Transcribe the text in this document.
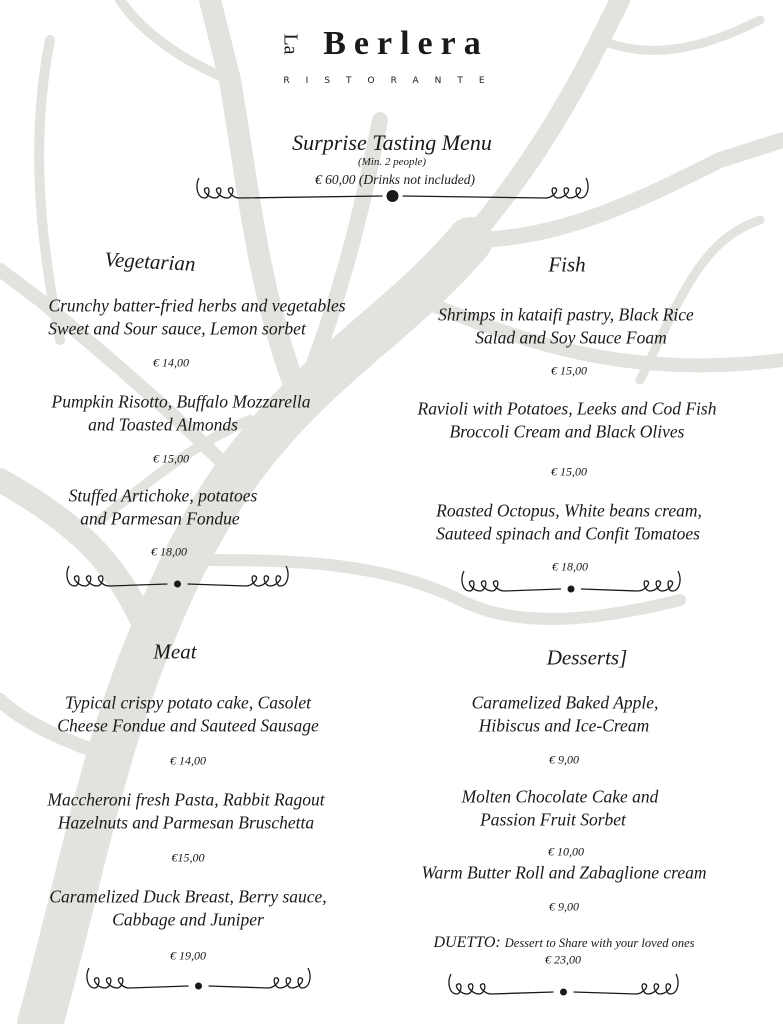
La Berlera
RISTORANTE
Surprise Tasting Menu
(Min. 2 people)
€ 60,00 (Drinks not included)
Vegetarian
Crunchy batter-fried herbs and vegetables
Sweet and Sour sauce, Lemon sorbet
€ 14,00
Pumpkin Risotto, Buffalo Mozzarella
and Toasted Almonds
€ 15,00
Stuffed Artichoke, potatoes
and Parmesan Fondue
€ 18,00
Fish
Shrimps in kataifi pastry, Black Rice
Salad and Soy Sauce Foam
€ 15,00
Ravioli with Potatoes, Leeks and Cod Fish
Broccoli Cream and Black Olives
€ 15,00
Roasted Octopus, White beans cream,
Sauteed spinach and Confit Tomatoes
€ 18,00
Meat
Typical crispy potato cake, Casolet
Cheese Fondue and Sauteed Sausage
€ 14,00
Maccheroni fresh Pasta, Rabbit Ragout
Hazelnuts and Parmesan Bruschetta
€15,00
Caramelized Duck Breast, Berry sauce,
Cabbage and Juniper
€ 19,00
Desserts]
Caramelized Baked Apple,
Hibiscus and Ice-Cream
€ 9,00
Molten Chocolate Cake and
Passion Fruit Sorbet
€ 10,00
Warm Butter Roll and Zabaglione cream
€ 9,00
DUETTO: Dessert to Share with your loved ones
€ 23,00
